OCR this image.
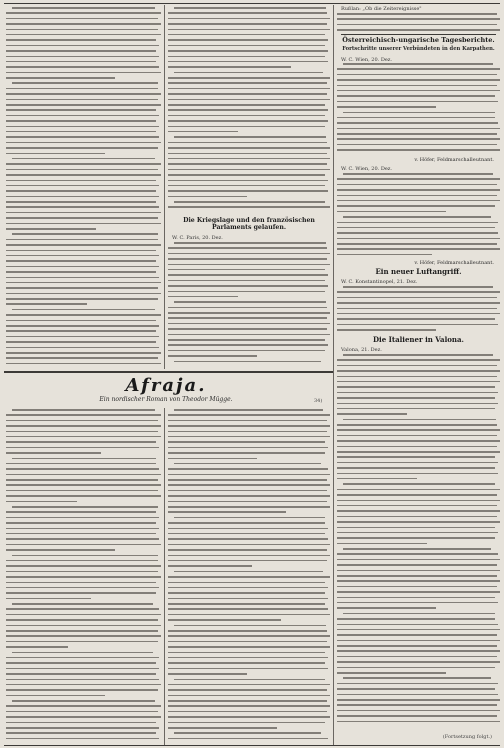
Die Kriegslage und den französischen Parlaments gelaufen.
W. C. Paris, 20. Dez.
Rußlan: „Ob die Zeitereignisse"
Österreichisch-ungarische Tagesberichte.
Fortschritte unserer Verbündeten in den Karpathen.
W. C. Wien, 20. Dez.
v. Höfer, Feldmarschalleutnant.
W. C. Wien, 20. Dez.
v. Höfer, Feldmarschalleutnant.
Ein neuer Luftangriff.
W. C. Konstantinopel, 21. Dez.
Die Italiener in Valona.
Valona, 21. Dez.
(Fortsetzung folgt.)
Afraja.
Ein nordischer Roman von Theodor Mügge.	34)
